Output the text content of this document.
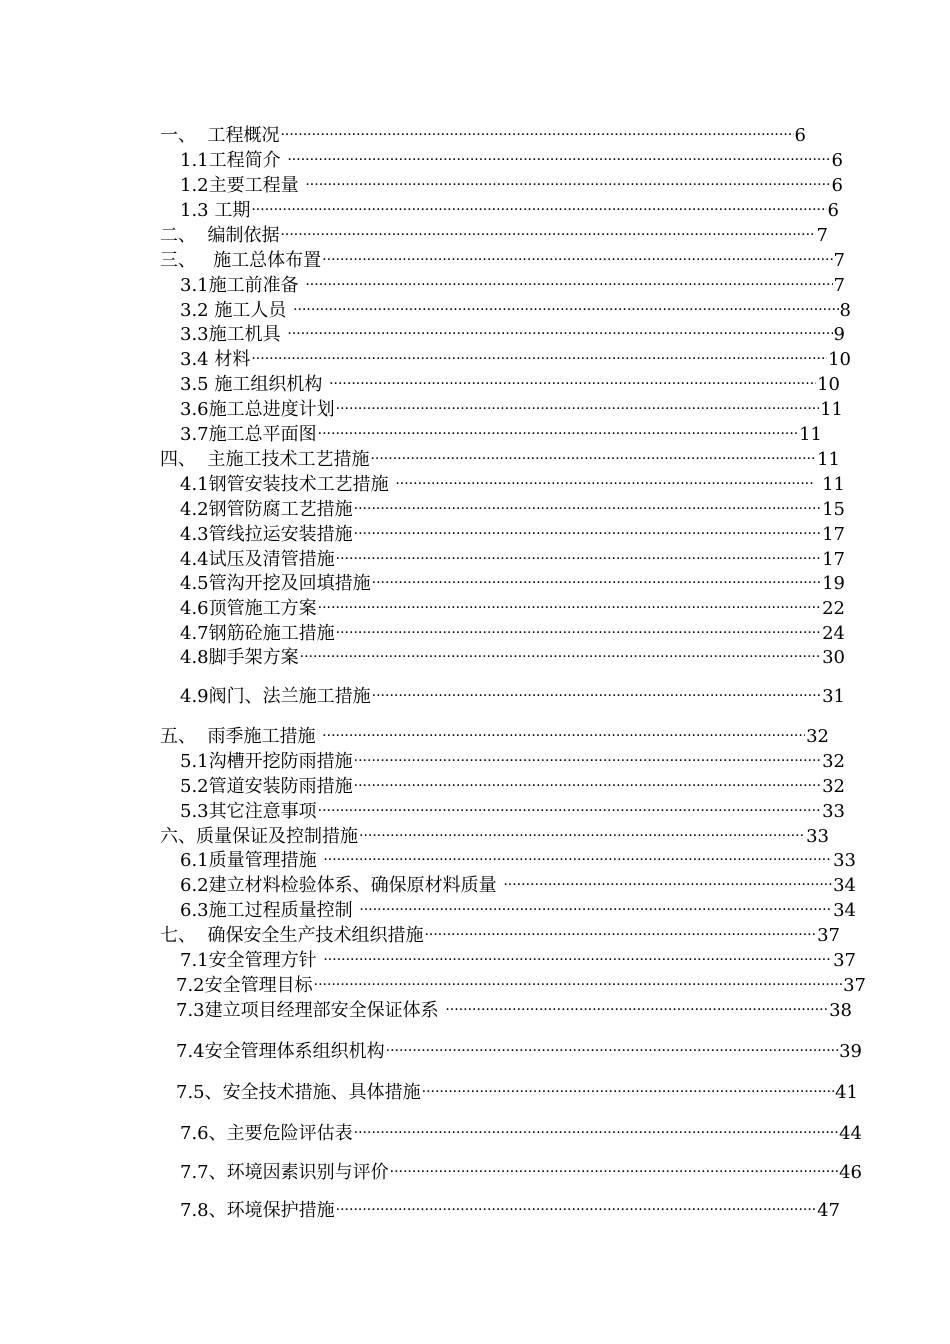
一、  工程概况 ·····	6
1.1工程简介 ·····	6
1.2主要工程量 ·····	6
1.3 工期 ·····	6
二、  编制依据 ·····	7
三、   施工总体布置 ·····	7
3.1施工前准备 ·····	7
3.2 施工人员 ·····	8
3.3施工机具 ·····	9
3.4 材料 ·····	10
3.5 施工组织机构 ·····	10
3.6施工总进度计划 ·····	11
3.7施工总平面图 ·····	11
四、  主施工技术工艺措施 ·····	11
4.1钢管安装技术工艺措施 ·····	11
4.2钢管防腐工艺措施 ·····	15
4.3管线拉运安装措施 ·····	17
4.4试压及清管措施 ·····	17
4.5管沟开挖及回填措施 ·····	19
4.6顶管施工方案 ·····	22
4.7钢筋砼施工措施 ·····	24
4.8脚手架方案 ·····	30
4.9阀门、法兰施工措施 ·····	31
五、  雨季施工措施 ·····	32
5.1沟槽开挖防雨措施 ·····	32
5.2管道安装防雨措施 ·····	32
5.3其它注意事项 ·····	33
六、质量保证及控制措施 ·····	33
6.1质量管理措施 ·····	33
6.2建立材料检验体系、确保原材料质量 ·····	34
6.3施工过程质量控制 ·····	34
七、  确保安全生产技术组织措施 ·····	37
7.1安全管理方针 ·····	37
7.2安全管理目标 ·····	37
7.3建立项目经理部安全保证体系 ·····	38
7.4安全管理体系组织机构 ·····	39
7.5、安全技术措施、具体措施 ·····	41
7.6、主要危险评估表 ·····	44
7.7、环境因素识别与评价 ·····	46
7.8、环境保护措施 ·····	47
